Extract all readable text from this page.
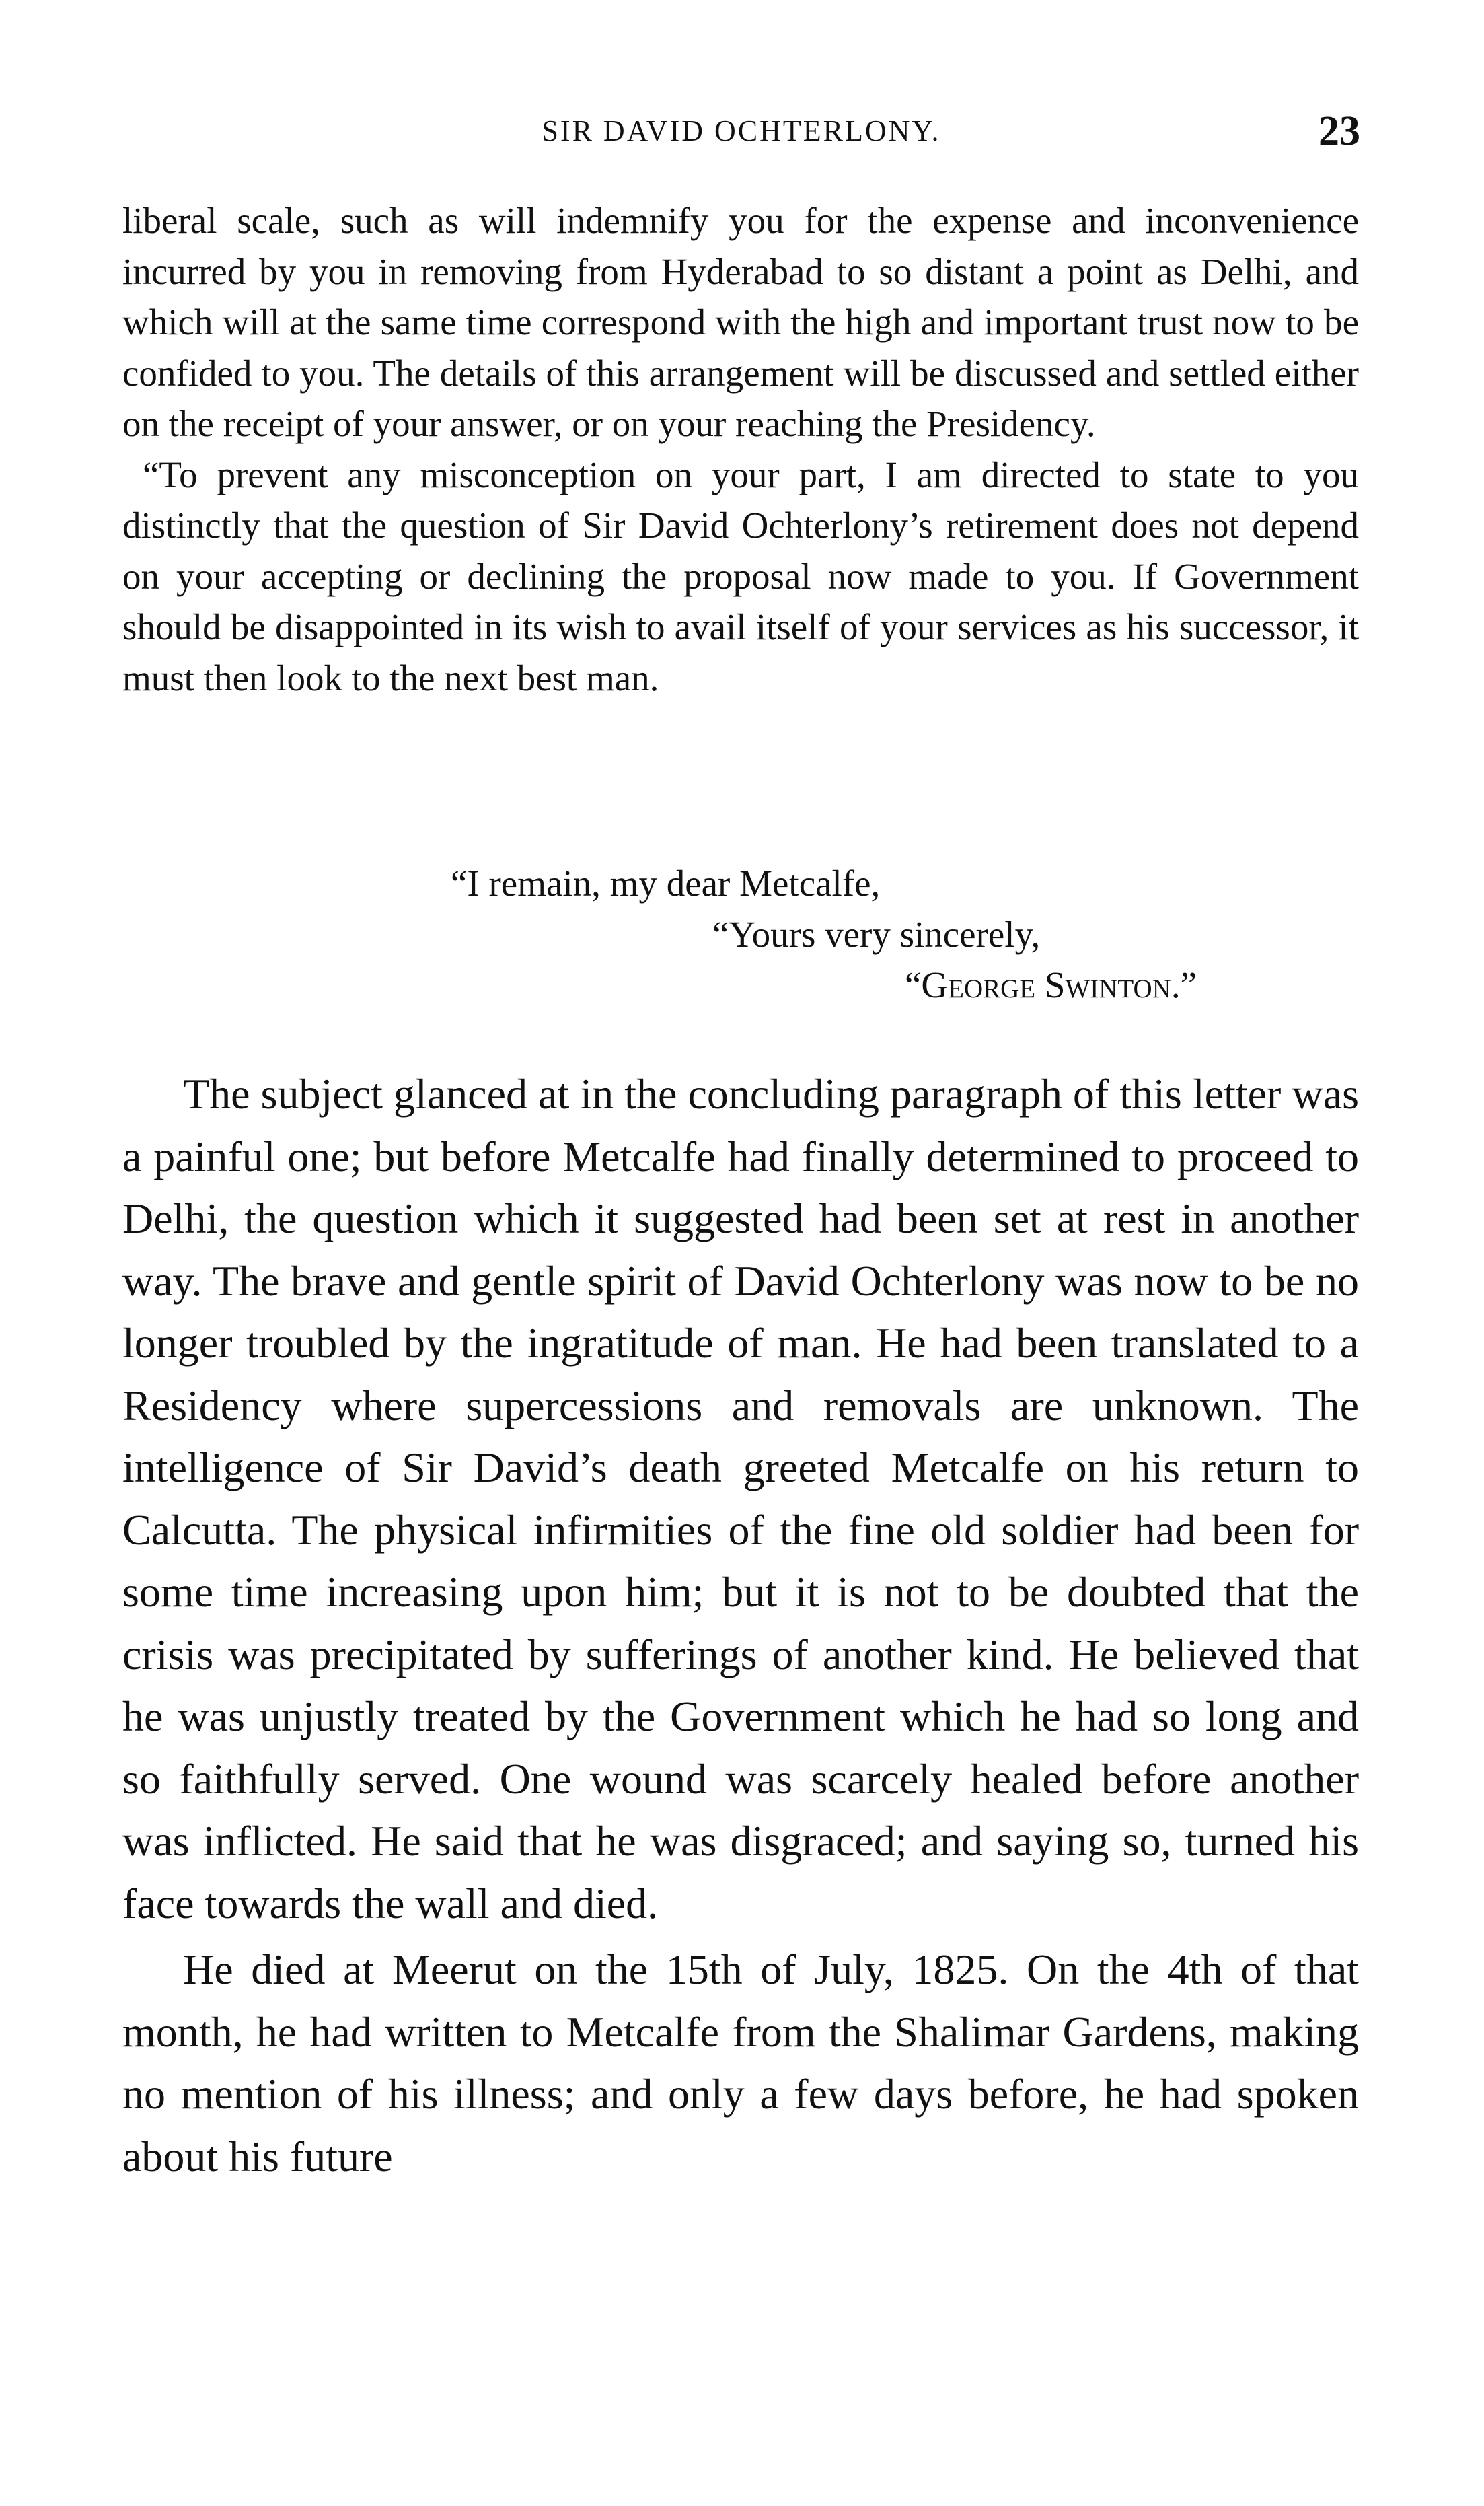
SIR DAVID OCHTERLONY.	23

liberal scale, such as will indemnify you for the expense and inconvenience incurred by you in removing from Hyderabad to so distant a point as Delhi, and which will at the same time correspond with the high and important trust now to be confided to you. The details of this arrangement will be discussed and settled either on the receipt of your answer, or on your reaching the Presidency.

“To prevent any misconception on your part, I am directed to state to you distinctly that the question of Sir David Ochterlony’s retirement does not depend on your accepting or declining the proposal now made to you. If Government should be disappointed in its wish to avail itself of your services as his successor, it must then look to the next best man.

“I remain, my dear Metcalfe,
“Yours very sincerely,
“George Swinton.”

The subject glanced at in the concluding paragraph of this letter was a painful one; but before Metcalfe had finally determined to proceed to Delhi, the question which it suggested had been set at rest in another way. The brave and gentle spirit of David Ochterlony was now to be no longer troubled by the ingratitude of man. He had been translated to a Residency where supercessions and removals are unknown. The intelligence of Sir David’s death greeted Metcalfe on his return to Calcutta. The physical infirmities of the fine old soldier had been for some time increasing upon him; but it is not to be doubted that the crisis was precipitated by sufferings of another kind. He believed that he was unjustly treated by the Government which he had so long and so faithfully served. One wound was scarcely healed before another was inflicted. He said that he was disgraced; and saying so, turned his face towards the wall and died.

He died at Meerut on the 15th of July, 1825. On the 4th of that month, he had written to Metcalfe from the Shalimar Gardens, making no mention of his illness; and only a few days before, he had spoken about his future
